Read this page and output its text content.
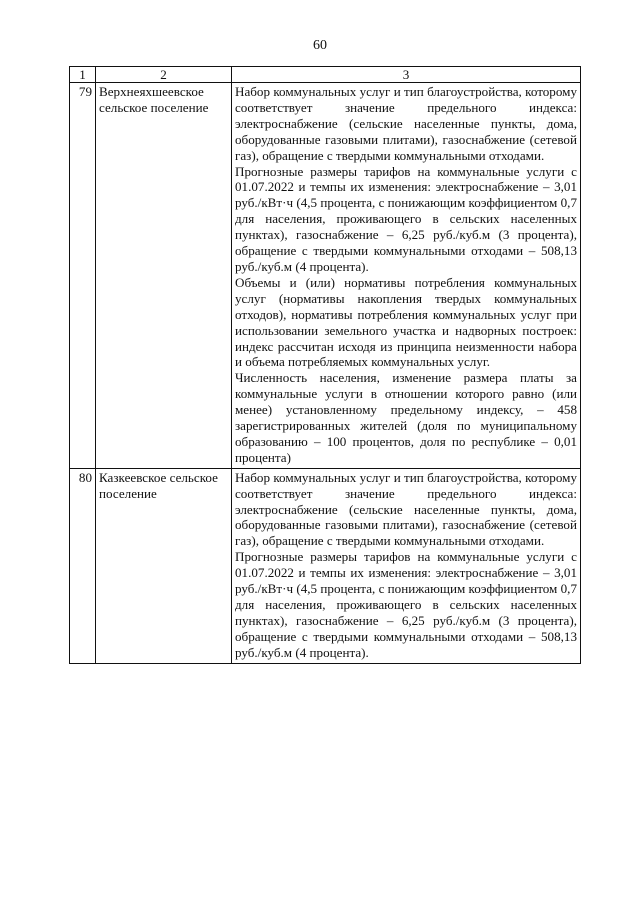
60
1	2	3
79	Верхнеяхшеевское сельское поселение	Набор коммунальных услуг и тип благоустройства, которому соответствует значение предельного индекса: электроснабжение (сельские населенные пункты, дома, оборудованные газовыми плитами), газоснабжение (сетевой газ), обращение с твердыми коммунальными отходами.

Прогнозные размеры тарифов на коммунальные услуги с 01.07.2022 и темпы их изменения: электроснабжение – 3,01 руб./кВт·ч (4,5 процента, с понижающим коэффициентом 0,7 для населения, проживающего в сельских населенных пунктах), газоснабжение – 6,25 руб./куб.м (3 процента), обращение с твердыми коммунальными отходами – 508,13 руб./куб.м (4 процента).

Объемы и (или) нормативы потребления коммунальных услуг (нормативы накопления твердых коммунальных отходов), нормативы потребления коммунальных услуг при использовании земельного участка и надворных построек: индекс рассчитан исходя из принципа неизменности набора и объема потребляемых коммунальных услуг.

Численность населения, изменение размера платы за коммунальные услуги в отношении которого равно (или менее) установленному предельному индексу, – 458 зарегистрированных жителей (доля по муниципальному образованию – 100 процентов, доля по республике – 0,01 процента)

80	Казкеевское сельское поселение	Набор коммунальных услуг и тип благоустройства, которому соответствует значение предельного индекса: электроснабжение (сельские населенные пункты, дома, оборудованные газовыми плитами), газоснабжение (сетевой газ), обращение с твердыми коммунальными отходами.

Прогнозные размеры тарифов на коммунальные услуги с 01.07.2022 и темпы их изменения: электроснабжение – 3,01 руб./кВт·ч (4,5 процента, с понижающим коэффициентом 0,7 для населения, проживающего в сельских населенных пунктах), газоснабжение – 6,25 руб./куб.м (3 процента), обращение с твердыми коммунальными отходами – 508,13 руб./куб.м (4 процента).
